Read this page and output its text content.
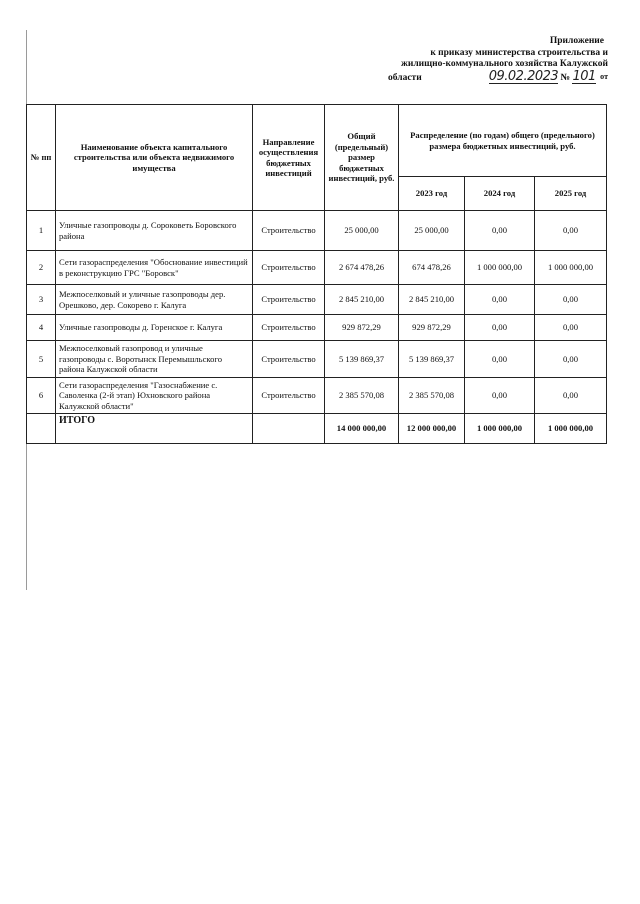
Приложение
к приказу министерства строительства и
жилищно-коммунального хозяйства Калужской
области	09.02.2023 № 101 $^{от}$
№ пп	Наименование объекта капитального строительства или объекта недвижимого имущества	Направление осуществления бюджетных инвестиций	Общий (предельный) размер бюджетных инвестиций, руб.	Распределение (по годам) общего (предельного) размера бюджетных инвестиций, руб.		
				2023 год	2024 год	2025 год
1	Уличные газопроводы д. Сороковеть Боровского района	Строительство	25 000,00	25 000,00	0,00	0,00
2	Сети газораспределения "Обоснование инвестиций в реконструкцию ГРС "Боровск"	Строительство	2 674 478,26	674 478,26	1 000 000,00	1 000 000,00
3	Межпоселковый и уличные газопроводы дер. Орешково, дер. Сокорево г. Калуга	Строительство	2 845 210,00	2 845 210,00	0,00	0,00
4	Уличные газопроводы д. Горенское г. Калуга	Строительство	929 872,29	929 872,29	0,00	0,00
5	Межпоселковый газопровод и уличные газопроводы с. Воротынск Перемышльского района Калужской области	Строительство	5 139 869,37	5 139 869,37	0,00	0,00
6	Сети газораспределения "Газоснабжение с. Саволенка (2-й этап) Юхновского района Калужской области"	Строительство	2 385 570,08	2 385 570,08	0,00	0,00
	ИТОГО		14 000 000,00	12 000 000,00	1 000 000,00	1 000 000,00
